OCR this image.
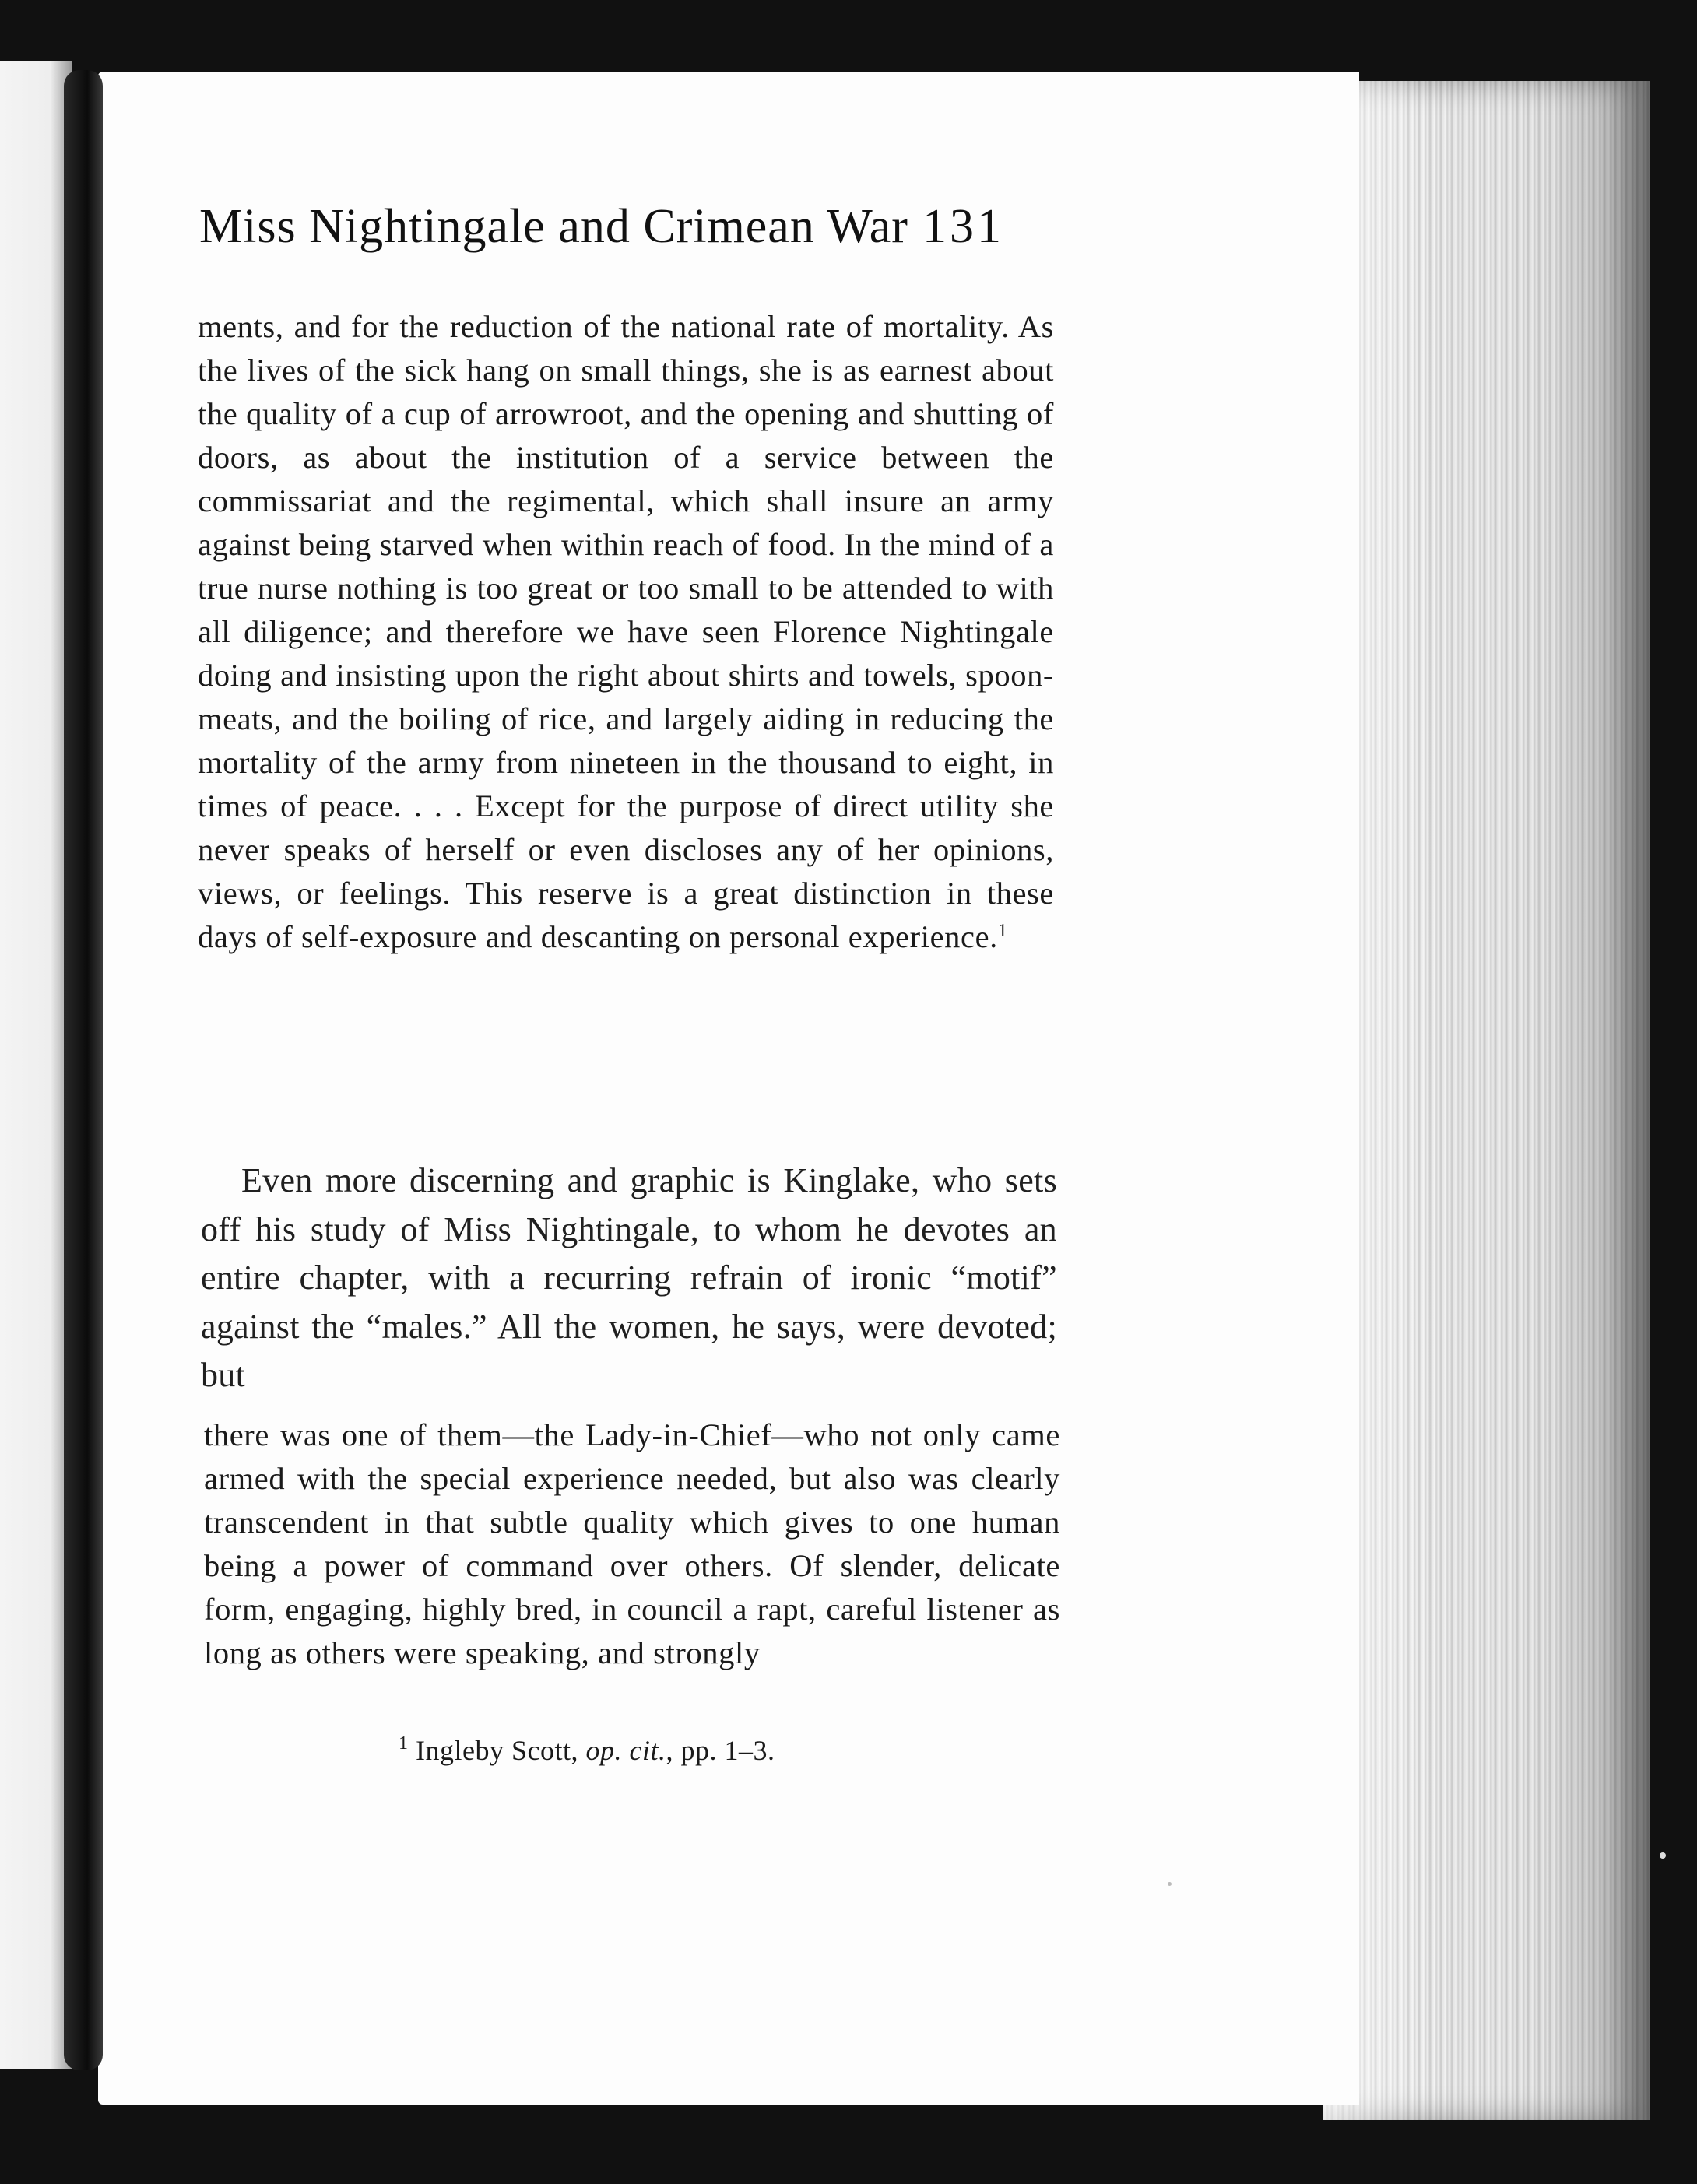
Miss Nightingale and Crimean War 131
ments, and for the reduction of the national rate of mortality. As the lives of the sick hang on small things, she is as earnest about the quality of a cup of arrowroot, and the opening and shutting of doors, as about the institution of a service between the commissariat and the regimental, which shall insure an army against being starved when within reach of food. In the mind of a true nurse nothing is too great or too small to be attended to with all diligence; and therefore we have seen Florence Nightingale doing and insisting upon the right about shirts and towels, spoon-meats, and the boiling of rice, and largely aiding in reducing the mortality of the army from nineteen in the thousand to eight, in times of peace. . . . Except for the purpose of direct utility she never speaks of herself or even discloses any of her opinions, views, or feelings. This reserve is a great distinction in these days of self-exposure and descanting on personal experience.$^1$
Even more discerning and graphic is Kinglake, who sets off his study of Miss Nightingale, to whom he devotes an entire chapter, with a recurring refrain of ironic “motif” against the “males.” All the women, he says, were devoted; but
there was one of them—the Lady-in-Chief—who not only came armed with the special experience needed, but also was clearly transcendent in that subtle quality which gives to one human being a power of command over others. Of slender, delicate form, engaging, highly bred, in council a rapt, careful listener as long as others were speaking, and strongly
$^1$ Ingleby Scott, op. cit., pp. 1–3.
